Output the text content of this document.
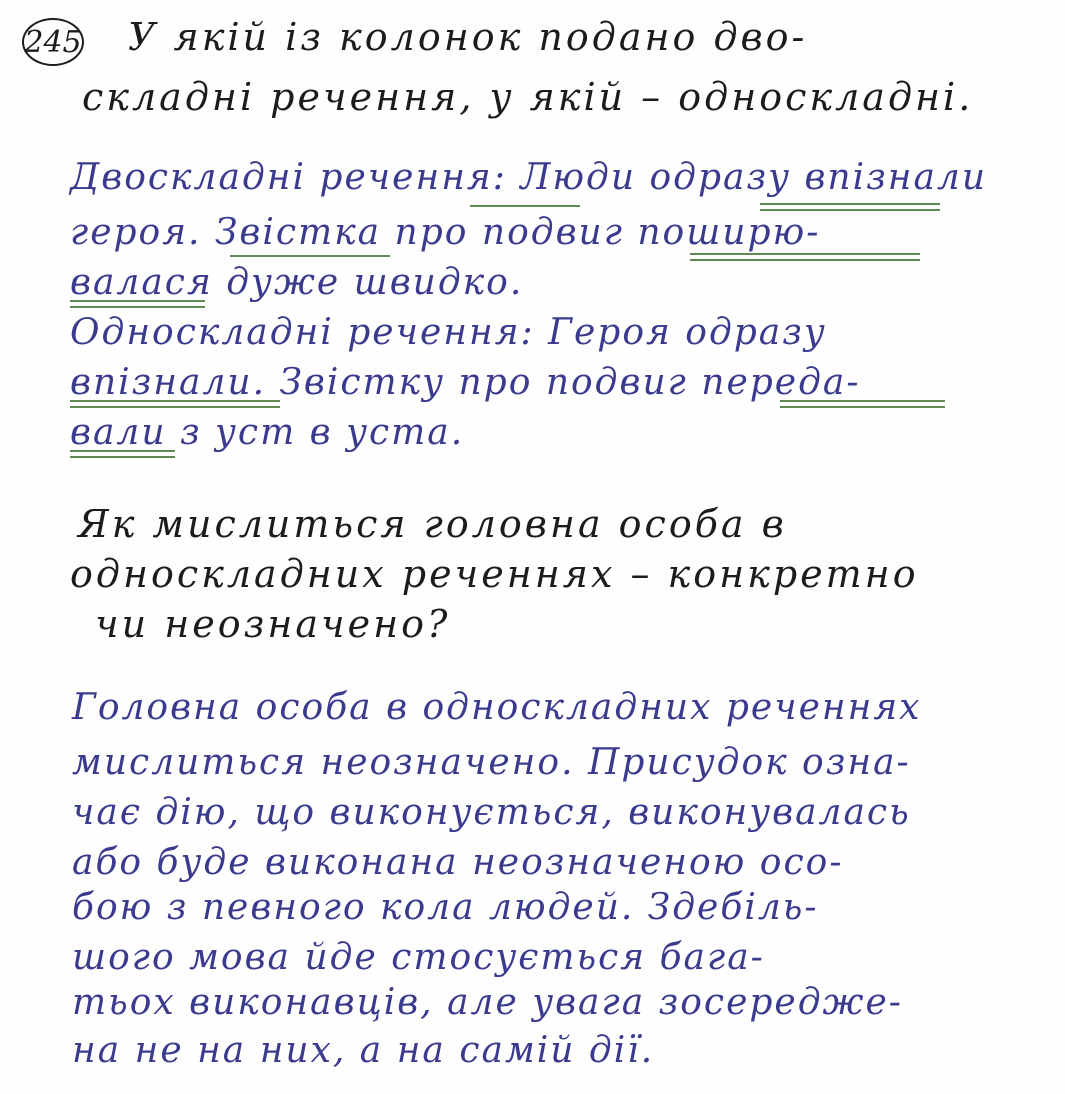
245 У якій із колонок подано дво-
складні речення, у якій – односкладні.
Двоскладні речення: Люди одразу впізнали
героя. Звістка про подвиг поширю-
валася дуже швидко.
Односкладні речення: Героя одразу
впізнали. Звістку про подвиг переда-
вали з уст в уста.
Як мислиться головна особа в
односкладних реченнях – конкретно
чи неозначено?
Головна особа в односкладних реченнях
мислиться неозначено. Присудок озна-
чає дію, що виконується, виконувалась
або буде виконана неозначеною осо-
бою з певного кола людей. Здебіль-
шого мова йде стосується бага-
тьох виконавців, але увага зосередже-
на не на них, а на самій дії.
